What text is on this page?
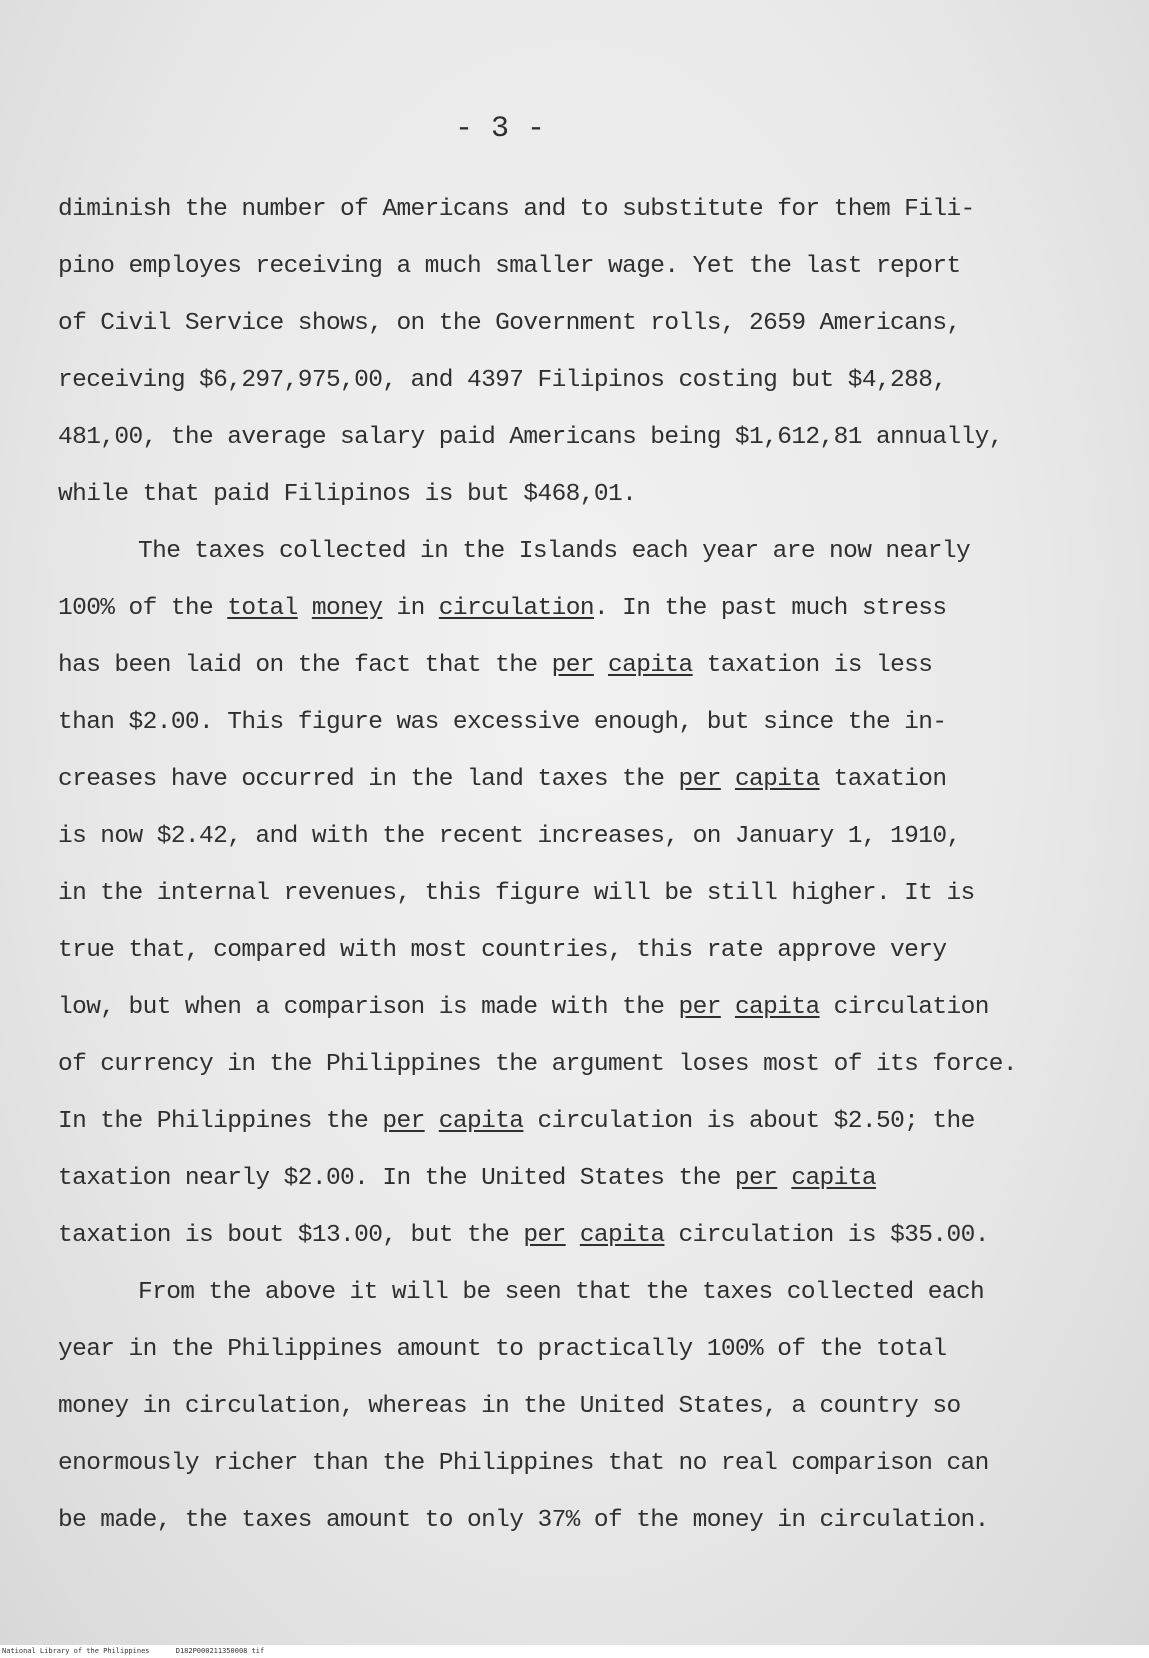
- 3 -
diminish the number of Americans and to substitute for them Fili-
pino employes receiving a much smaller wage. Yet the last report
of Civil Service shows, on the Government rolls, 2659 Americans,
receiving $6,297,975,00, and 4397 Filipinos costing but $4,288,
481,00, the average salary paid Americans being $1,612,81 annually,
while that paid Filipinos is but $468,01.
The taxes collected in the Islands each year are now nearly
100% of the total money in circulation. In the past much stress
has been laid on the fact that the per capita taxation is less
than $2.00. This figure was excessive enough, but since the in-
creases have occurred in the land taxes the per capita taxation
is now $2.42, and with the recent increases, on January 1, 1910,
in the internal revenues, this figure will be still higher. It is
true that, compared with most countries, this rate approve very
low, but when a comparison is made with the per capita circulation
of currency in the Philippines the argument loses most of its force.
In the Philippines the per capita circulation is about $2.50; the
taxation nearly $2.00. In the United States the per capita
taxation is bout $13.00, but the per capita circulation is $35.00.
From the above it will be seen that the taxes collected each
year in the Philippines amount to practically 100% of the total
money in circulation, whereas in the United States, a country so
enormously richer than the Philippines that no real comparison can
be made, the taxes amount to only 37% of the money in circulation.
National Library of the Philippines	D182P000211350008 tif
